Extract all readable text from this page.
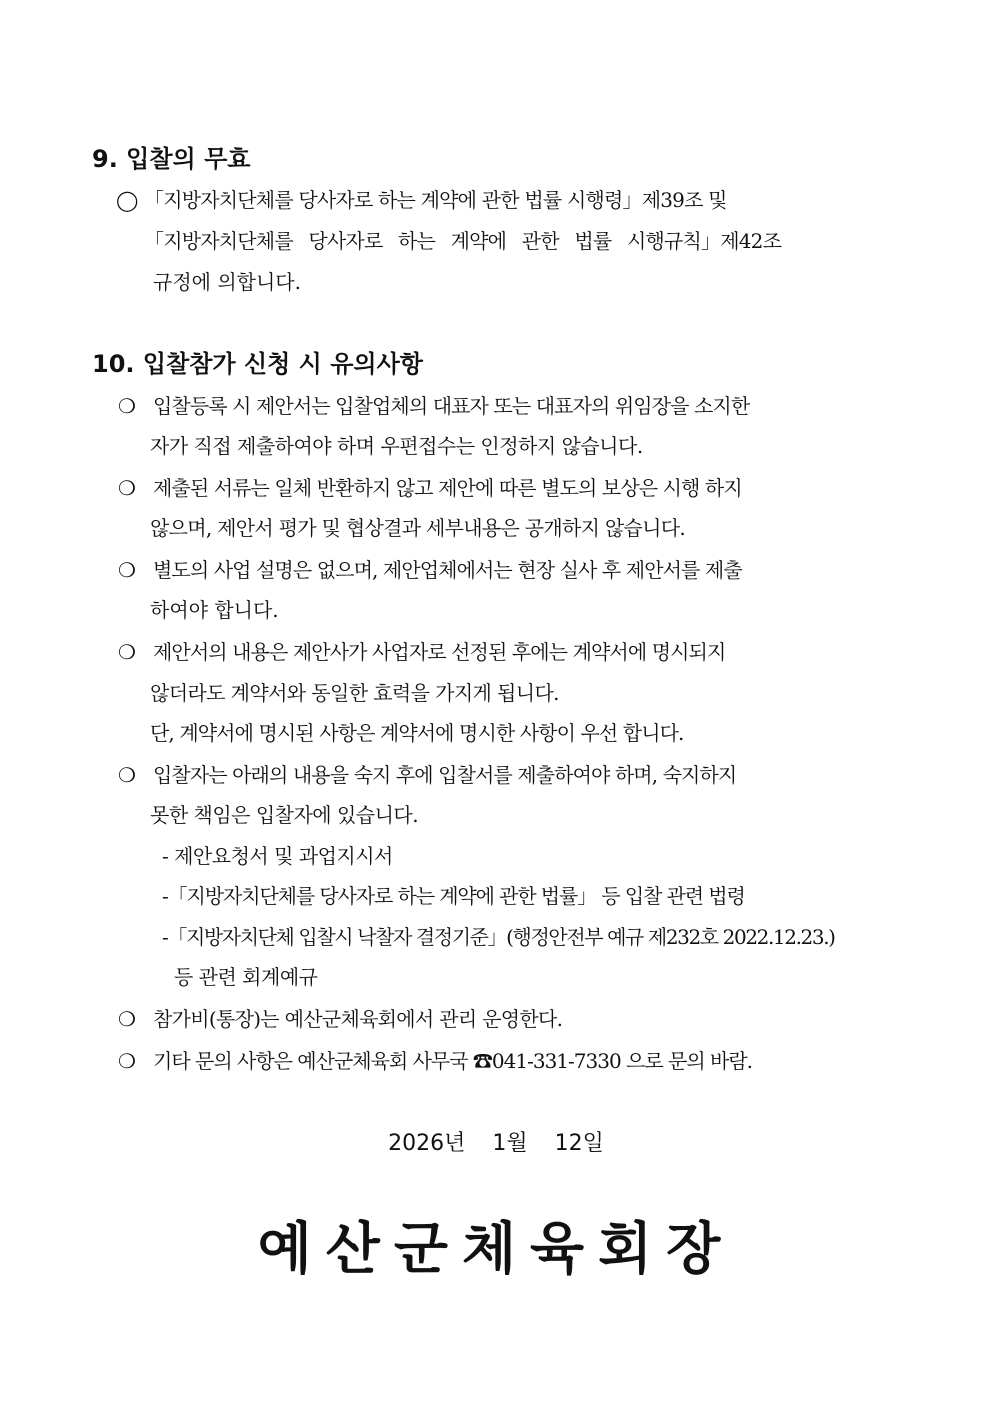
9. 입찰의 무효
◯ 「지방자치단체를 당사자로 하는 계약에 관한 법률 시행령」제39조 및
「지방자치단체를 당사자로 하는 계약에 관한 법률 시행규칙」제42조
규정에 의합니다.
10. 입찰참가 신청 시 유의사항
❍ 입찰등록 시 제안서는 입찰업체의 대표자 또는 대표자의 위임장을 소지한
자가 직접 제출하여야 하며 우편접수는 인정하지 않습니다.
❍ 제출된 서류는 일체 반환하지 않고 제안에 따른 별도의 보상은 시행 하지
않으며, 제안서 평가 및 협상결과 세부내용은 공개하지 않습니다.
❍ 별도의 사업 설명은 없으며, 제안업체에서는 현장 실사 후 제안서를 제출
하여야 합니다.
❍ 제안서의 내용은 제안사가 사업자로 선정된 후에는 계약서에 명시되지
않더라도 계약서와 동일한 효력을 가지게 됩니다.
단, 계약서에 명시된 사항은 계약서에 명시한 사항이 우선 합니다.
❍ 입찰자는 아래의 내용을 숙지 후에 입찰서를 제출하여야 하며, 숙지하지
못한 책임은 입찰자에 있습니다.
- 제안요청서 및 과업지시서
-「지방자치단체를 당사자로 하는 계약에 관한 법률」 등 입찰 관련 법령
-「지방자치단체 입찰시 낙찰자 결정기준」(행정안전부 예규 제232호 2022.12.23.)
등 관련 회계예규
❍ 참가비(통장)는 예산군체육회에서 관리 운영한다.
❍ 기타 문의 사항은 예산군체육회 사무국 ☎041-331-7330 으로 문의 바람.
2026년 1월 12일
예산군체육회장
